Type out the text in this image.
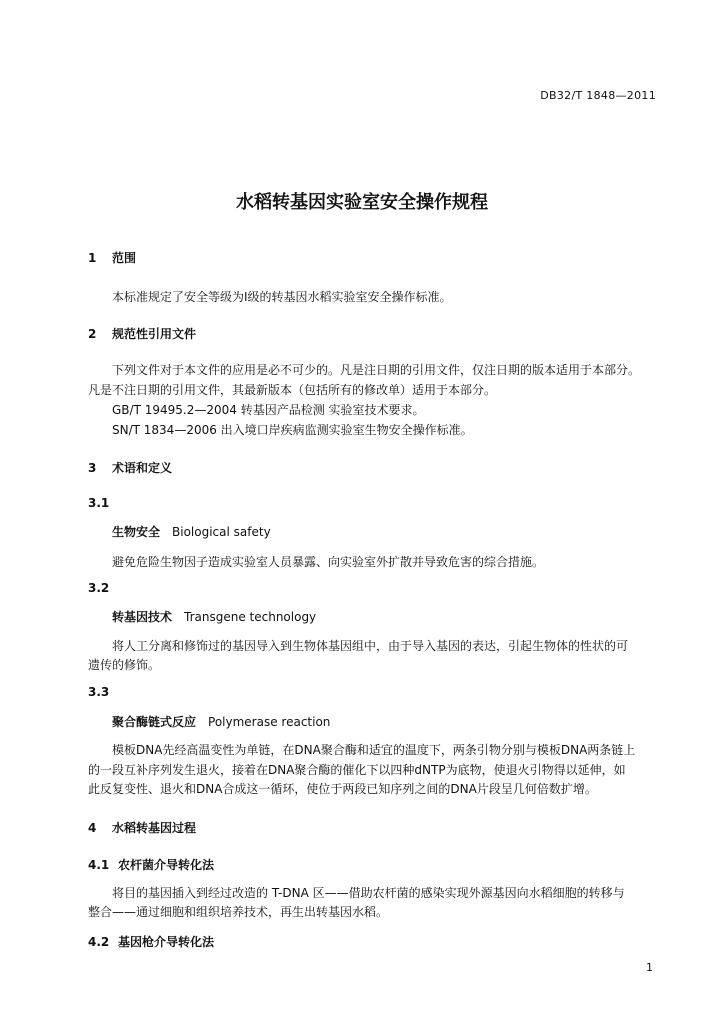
DB32/T 1848—2011
水稻转基因实验室安全操作规程
1 范围
本标准规定了安全等级为Ⅰ级的转基因水稻实验室安全操作标准。
2 规范性引用文件
下列文件对于本文件的应用是必不可少的。凡是注日期的引用文件，仅注日期的版本适用于本部分。
凡是不注日期的引用文件，其最新版本（包括所有的修改单）适用于本部分。
GB/T 19495.2—2004 转基因产品检测 实验室技术要求。
SN/T 1834—2006 出入境口岸疾病监测实验室生物安全操作标准。
3 术语和定义
3.1
生物安全 Biological safety
避免危险生物因子造成实验室人员暴露、向实验室外扩散并导致危害的综合措施。
3.2
转基因技术 Transgene technology
将人工分离和修饰过的基因导入到生物体基因组中，由于导入基因的表达，引起生物体的性状的可
遗传的修饰。
3.3
聚合酶链式反应 Polymerase reaction
模板DNA先经高温变性为单链，在DNA聚合酶和适宜的温度下，两条引物分别与模板DNA两条链上
的一段互补序列发生退火，接着在DNA聚合酶的催化下以四种dNTP为底物，使退火引物得以延伸，如
此反复变性、退火和DNA合成这一循环，使位于两段已知序列之间的DNA片段呈几何倍数扩增。
4 水稻转基因过程
4.1 农杆菌介导转化法
将目的基因插入到经过改造的 T-DNA 区——借助农杆菌的感染实现外源基因向水稻细胞的转移与
整合——通过细胞和组织培养技术，再生出转基因水稻。
4.2 基因枪介导转化法
1
